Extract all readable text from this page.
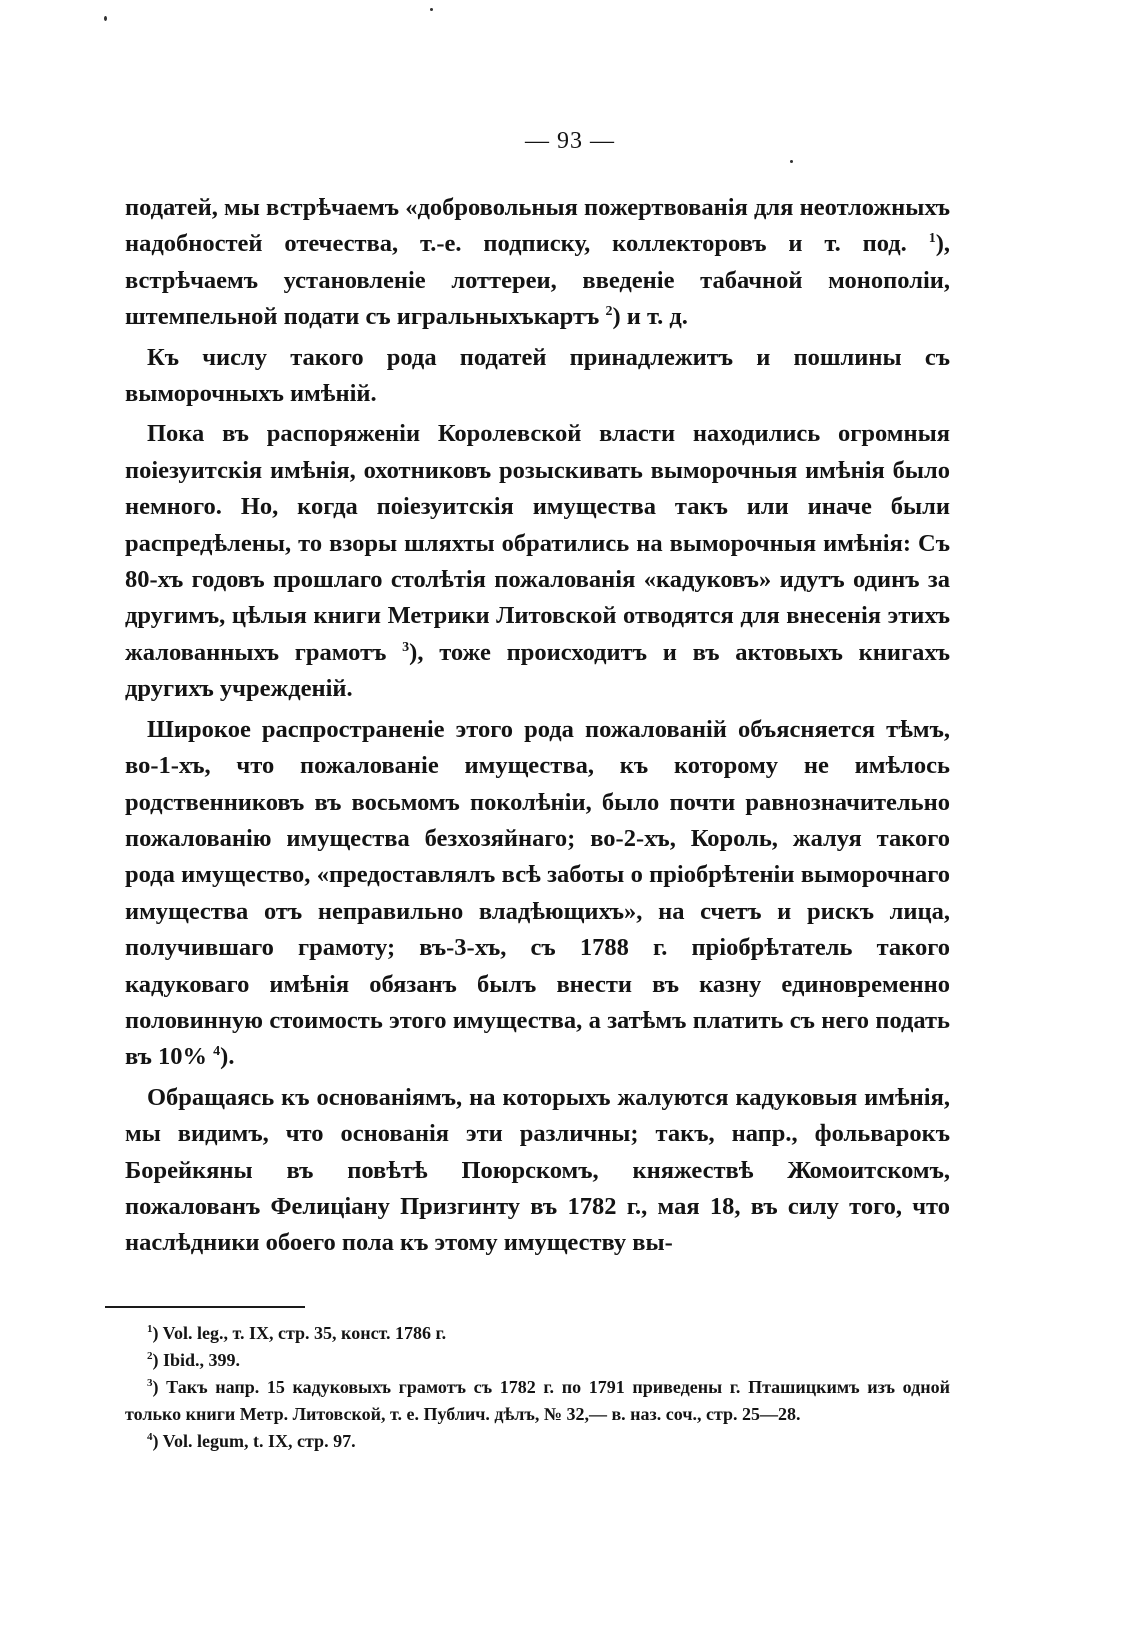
— 93 —

податей, мы встрѣчаемъ «добровольныя пожертвованія для неотложныхъ надобностей отечества, т.-е. подписку, коллекторовъ и т. под. $^1$), встрѣчаемъ установленіе лоттереи, введеніе табачной монополіи, штемпельной подати съ игральныхъкартъ $^2$) и т. д.

Къ числу такого рода податей принадлежитъ и пошлины съ выморочныхъ имѣній.

Пока въ распоряженіи Королевской власти находились огромныя поiезуитскія имѣнія, охотниковъ розыскивать выморочныя имѣнія было немного. Но, когда поiезуитскія имущества такъ или иначе были распредѣлены, то взоры шляхты обратились на выморочныя имѣнія: Съ 80-хъ годовъ прошлаго столѣтія пожалованія «кадуковъ» идутъ одинъ за другимъ, цѣлыя книги Метрики Литовской отводятся для внесенія этихъ жалованныхъ грамотъ $^3$), тоже происходитъ и въ актовыхъ книгахъ другихъ учрежденій.

Широкое распространеніе этого рода пожалованій объясняется тѣмъ, во-1-хъ, что пожалованіе имущества, къ которому не имѣлось родственниковъ въ восьмомъ поколѣніи, было почти равнозначительно пожалованію имущества безхозяйнаго; во-2-хъ, Король, жалуя такого рода имущество, «предоставлялъ всѣ заботы о пріобрѣтеніи выморочнаго имущества отъ неправильно владѣющихъ», на счетъ и рискъ лица, получившаго грамоту; въ-3-хъ, съ 1788 г. пріобрѣтатель такого кадуковаго имѣнія обязанъ былъ внести въ казну единовременно половинную стоимость этого имущества, а затѣмъ платить съ него подать въ 10% $^4$).

Обращаясь къ основаніямъ, на которыхъ жалуются кадуковыя имѣнія, мы видимъ, что основанія эти различны; такъ, напр., фольварокъ Борейкяны въ повѣтѣ Поюрскомъ, княжествѣ Жомоитскомъ, пожалованъ Фелиціану Призгинту въ 1782 г., мая 18, въ силу того, что наслѣдники обоего пола къ этому имуществу вы-

$^1$) Vol. leg., т. IX, стр. 35, конст. 1786 г.

$^2$) Ibid., 399.

$^3$) Такъ напр. 15 кадуковыхъ грамотъ съ 1782 г. по 1791 приведены г. Пташицкимъ изъ одной только книги Метр. Литовской, т. е. Публич. дѣлъ, № 32,— в. наз. соч., стр. 25—28.

$^4$) Vol. legum, t. IX, стр. 97.
